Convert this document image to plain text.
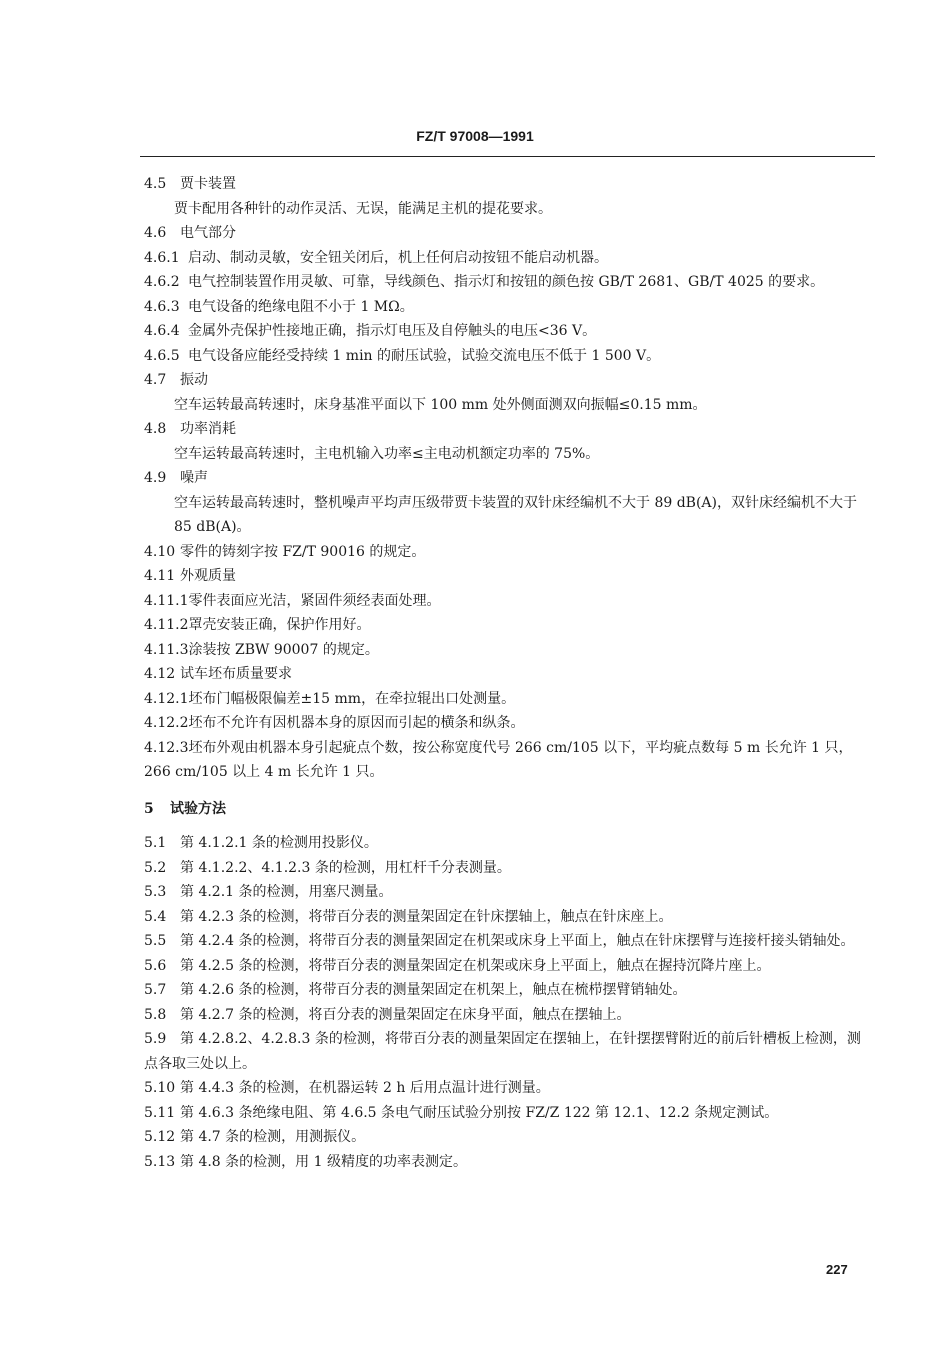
FZ/T 97008—1991
4.5 贾卡装置
贾卡配用各种针的动作灵活、无误，能满足主机的提花要求。
4.6 电气部分
4.6.1 启动、制动灵敏，安全钮关闭后，机上任何启动按钮不能启动机器。
4.6.2 电气控制装置作用灵敏、可靠，导线颜色、指示灯和按钮的颜色按 GB/T 2681、GB/T 4025 的要求。
4.6.3 电气设备的绝缘电阻不小于 1 MΩ。
4.6.4 金属外壳保护性接地正确，指示灯电压及自停触头的电压<36 V。
4.6.5 电气设备应能经受持续 1 min 的耐压试验，试验交流电压不低于 1 500 V。
4.7 振动
空车运转最高转速时，床身基准平面以下 100 mm 处外侧面测双向振幅≤0.15 mm。
4.8 功率消耗
空车运转最高转速时，主电机输入功率≤主电动机额定功率的 75%。
4.9 噪声
空车运转最高转速时，整机噪声平均声压级带贾卡装置的双针床经编机不大于 89 dB(A)，双针床经编机不大于 85 dB(A)。
4.10 零件的铸刻字按 FZ/T 90016 的规定。
4.11 外观质量
4.11.1零件表面应光洁，紧固件须经表面处理。
4.11.2罩壳安装正确，保护作用好。
4.11.3涂装按 ZBW 90007 的规定。
4.12 试车坯布质量要求
4.12.1坯布门幅极限偏差±15 mm，在牵拉辊出口处测量。
4.12.2坯布不允许有因机器本身的原因而引起的横条和纵条。
4.12.3坯布外观由机器本身引起疵点个数，按公称宽度代号 266 cm/105 以下，平均疵点数每 5 m 长允许 1 只，266 cm/105 以上 4 m 长允许 1 只。
5 试验方法
5.1 第 4.1.2.1 条的检测用投影仪。
5.2 第 4.1.2.2、4.1.2.3 条的检测，用杠杆千分表测量。
5.3 第 4.2.1 条的检测，用塞尺测量。
5.4 第 4.2.3 条的检测，将带百分表的测量架固定在针床摆轴上，触点在针床座上。
5.5 第 4.2.4 条的检测，将带百分表的测量架固定在机架或床身上平面上，触点在针床摆臂与连接杆接头销轴处。
5.6 第 4.2.5 条的检测，将带百分表的测量架固定在机架或床身上平面上，触点在握持沉降片座上。
5.7 第 4.2.6 条的检测，将带百分表的测量架固定在机架上，触点在梳栉摆臂销轴处。
5.8 第 4.2.7 条的检测，将百分表的测量架固定在床身平面，触点在摆轴上。
5.9 第 4.2.8.2、4.2.8.3 条的检测，将带百分表的测量架固定在摆轴上，在针摆摆臂附近的前后针槽板上检测，测点各取三处以上。
5.10 第 4.4.3 条的检测，在机器运转 2 h 后用点温计进行测量。
5.11 第 4.6.3 条绝缘电阻、第 4.6.5 条电气耐压试验分别按 FZ/Z 122 第 12.1、12.2 条规定测试。
5.12 第 4.7 条的检测，用测振仪。
5.13 第 4.8 条的检测，用 1 级精度的功率表测定。
227
